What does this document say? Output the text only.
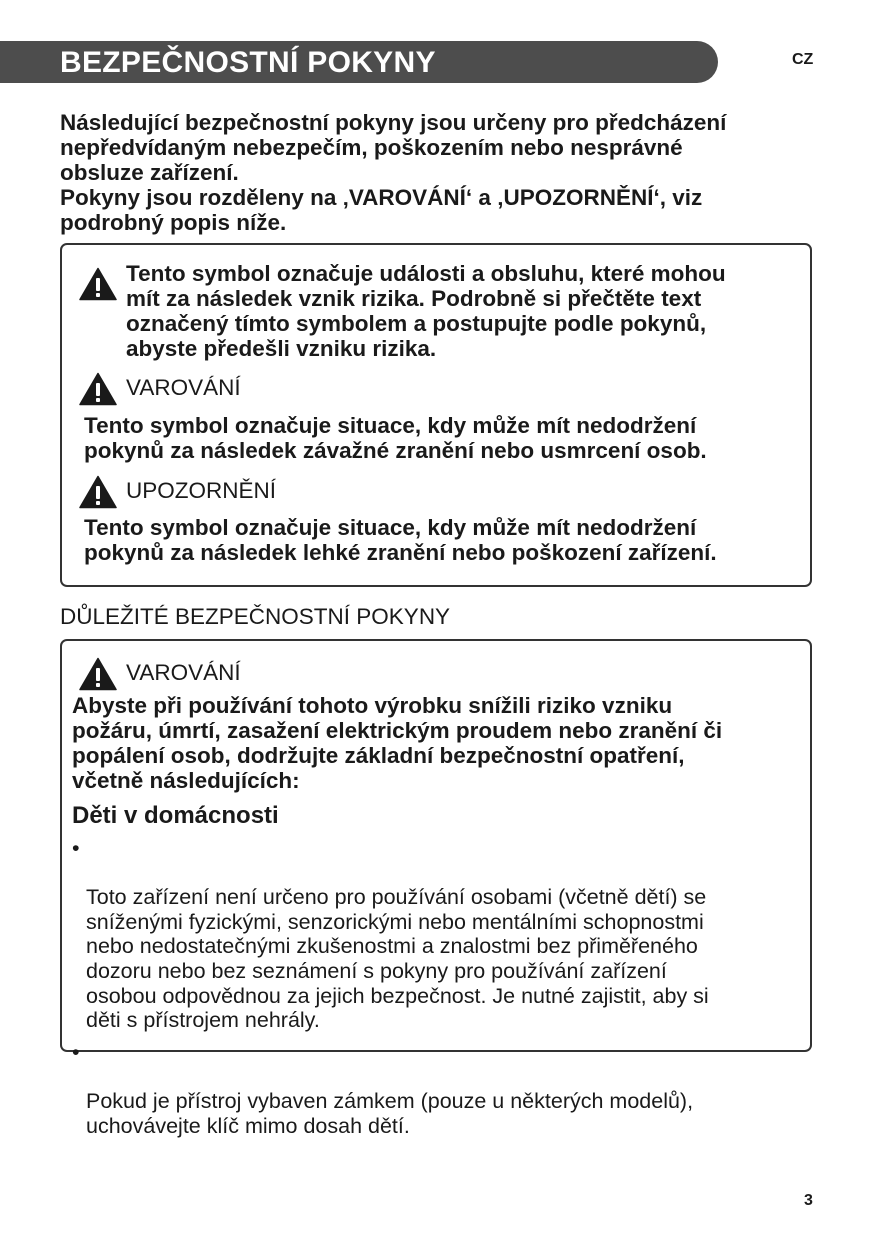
BEZPEČNOSTNÍ POKYNY	CZ

Následující bezpečnostní pokyny jsou určeny pro předcházení

nepředvídaným nebezpečím, poškozením nebo nesprávné

obsluze zařízení.

Pokyny jsou rozděleny na ‚VAROVÁNÍ‘ a ‚UPOZORNĚNÍ‘, viz

podrobný popis níže.

Tento symbol označuje události a obsluhu, které mohou

mít za následek vznik rizika. Podrobně si přečtěte text

označený tímto symbolem a postupujte podle pokynů,

abyste předešli vzniku rizika.

VAROVÁNÍ

Tento symbol označuje situace, kdy může mít nedodržení

pokynů za následek závažné zranění nebo usmrcení osob.

UPOZORNĚNÍ

Tento symbol označuje situace, kdy může mít nedodržení

pokynů za následek lehké zranění nebo poškození zařízení.

DŮLEŽITÉ BEZPEČNOSTNÍ POKYNY

VAROVÁNÍ

Abyste při používání tohoto výrobku snížili riziko vzniku

požáru, úmrtí, zasažení elektrickým proudem nebo zranění či

popálení osob, dodržujte základní bezpečnostní opatření,

včetně následujících:

Děti v domácnosti

•

Toto zařízení není určeno pro používání osobami (včetně dětí) se
sníženými fyzickými, senzorickými nebo mentálními schopnostmi
nebo nedostatečnými zkušenostmi a znalostmi bez přiměřeného
dozoru nebo bez seznámení s pokyny pro používání zařízení
osobou odpovědnou za jejich bezpečnost. Je nutné zajistit, aby si
děti s přístrojem nehrály.

•

Pokud je přístroj vybaven zámkem (pouze u některých modelů),
uchovávejte klíč mimo dosah dětí.

3
